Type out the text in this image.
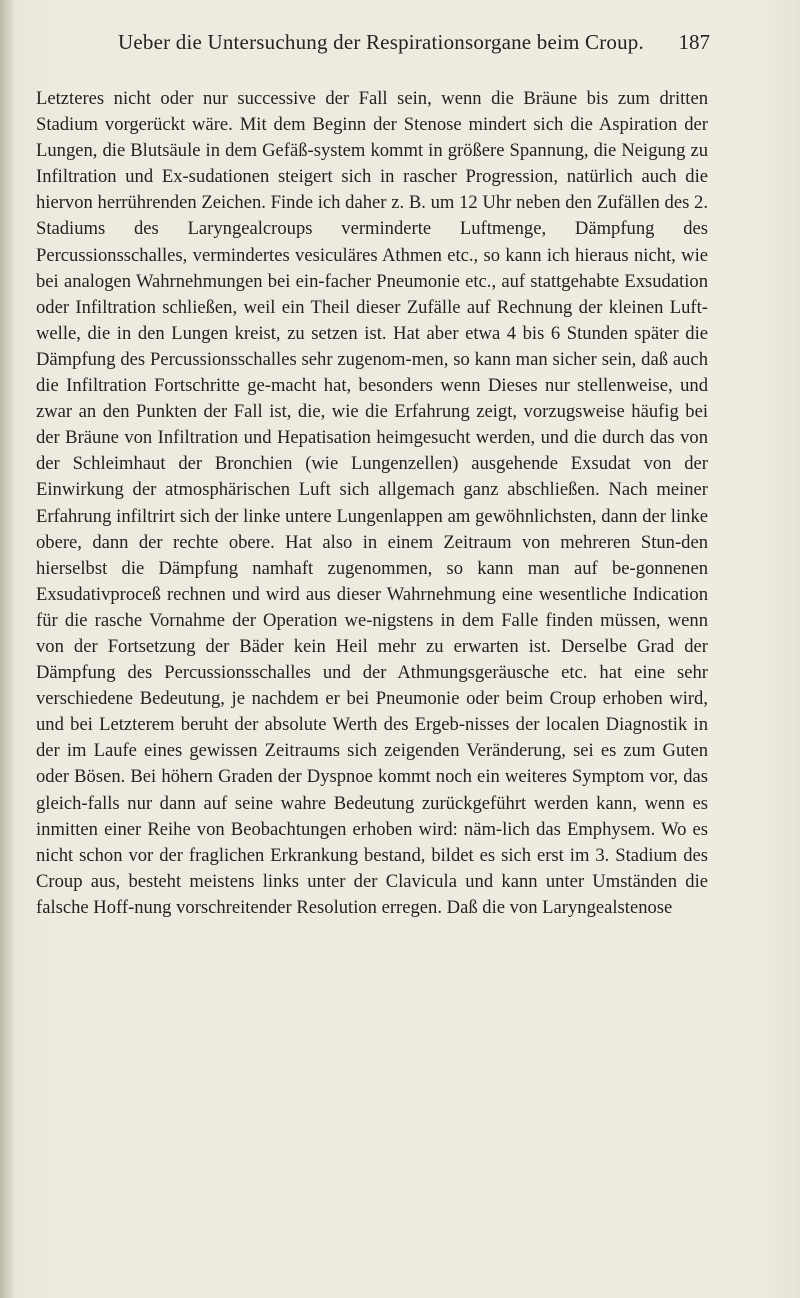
Ueber die Untersuchung der Respirationsorgane beim Croup. 187

Letzteres nicht oder nur successive der Fall sein, wenn die Bräune bis zum dritten Stadium vorgerückt wäre. Mit dem Beginn der Stenose mindert sich die Aspiration der Lungen, die Blutsäule in dem Gefäß-system kommt in größere Spannung, die Neigung zu Infiltration und Ex-sudationen steigert sich in rascher Progression, natürlich auch die hiervon herrührenden Zeichen. Finde ich daher z. B. um 12 Uhr neben den Zufällen des 2. Stadiums des Laryngealcroups verminderte Luftmenge, Dämpfung des Percussionsschalles, vermindertes vesiculäres Athmen etc., so kann ich hieraus nicht, wie bei analogen Wahrnehmungen bei ein-facher Pneumonie etc., auf stattgehabte Exsudation oder Infiltration schließen, weil ein Theil dieser Zufälle auf Rechnung der kleinen Luft-welle, die in den Lungen kreist, zu setzen ist. Hat aber etwa 4 bis 6 Stunden später die Dämpfung des Percussionsschalles sehr zugenom-men, so kann man sicher sein, daß auch die Infiltration Fortschritte ge-macht hat, besonders wenn Dieses nur stellenweise, und zwar an den Punkten der Fall ist, die, wie die Erfahrung zeigt, vorzugsweise häufig bei der Bräune von Infiltration und Hepatisation heimgesucht werden, und die durch das von der Schleimhaut der Bronchien (wie Lungenzellen) ausgehende Exsudat von der Einwirkung der atmosphärischen Luft sich allgemach ganz abschließen. Nach meiner Erfahrung infiltrirt sich der linke untere Lungenlappen am gewöhnlichsten, dann der linke obere, dann der rechte obere. Hat also in einem Zeitraum von mehreren Stun-den hierselbst die Dämpfung namhaft zugenommen, so kann man auf be-gonnenen Exsudativproceß rechnen und wird aus dieser Wahrnehmung eine wesentliche Indication für die rasche Vornahme der Operation we-nigstens in dem Falle finden müssen, wenn von der Fortsetzung der Bäder kein Heil mehr zu erwarten ist. Derselbe Grad der Dämpfung des Percussionsschalles und der Athmungsgeräusche etc. hat eine sehr verschiedene Bedeutung, je nachdem er bei Pneumonie oder beim Croup erhoben wird, und bei Letzterem beruht der absolute Werth des Ergeb-nisses der localen Diagnostik in der im Laufe eines gewissen Zeitraums sich zeigenden Veränderung, sei es zum Guten oder Bösen. Bei höhern Graden der Dyspnoe kommt noch ein weiteres Symptom vor, das gleich-falls nur dann auf seine wahre Bedeutung zurückgeführt werden kann, wenn es inmitten einer Reihe von Beobachtungen erhoben wird: näm-lich das Emphysem. Wo es nicht schon vor der fraglichen Erkrankung bestand, bildet es sich erst im 3. Stadium des Croup aus, besteht meistens links unter der Clavicula und kann unter Umständen die falsche Hoff-nung vorschreitender Resolution erregen. Daß die von Laryngealstenose
